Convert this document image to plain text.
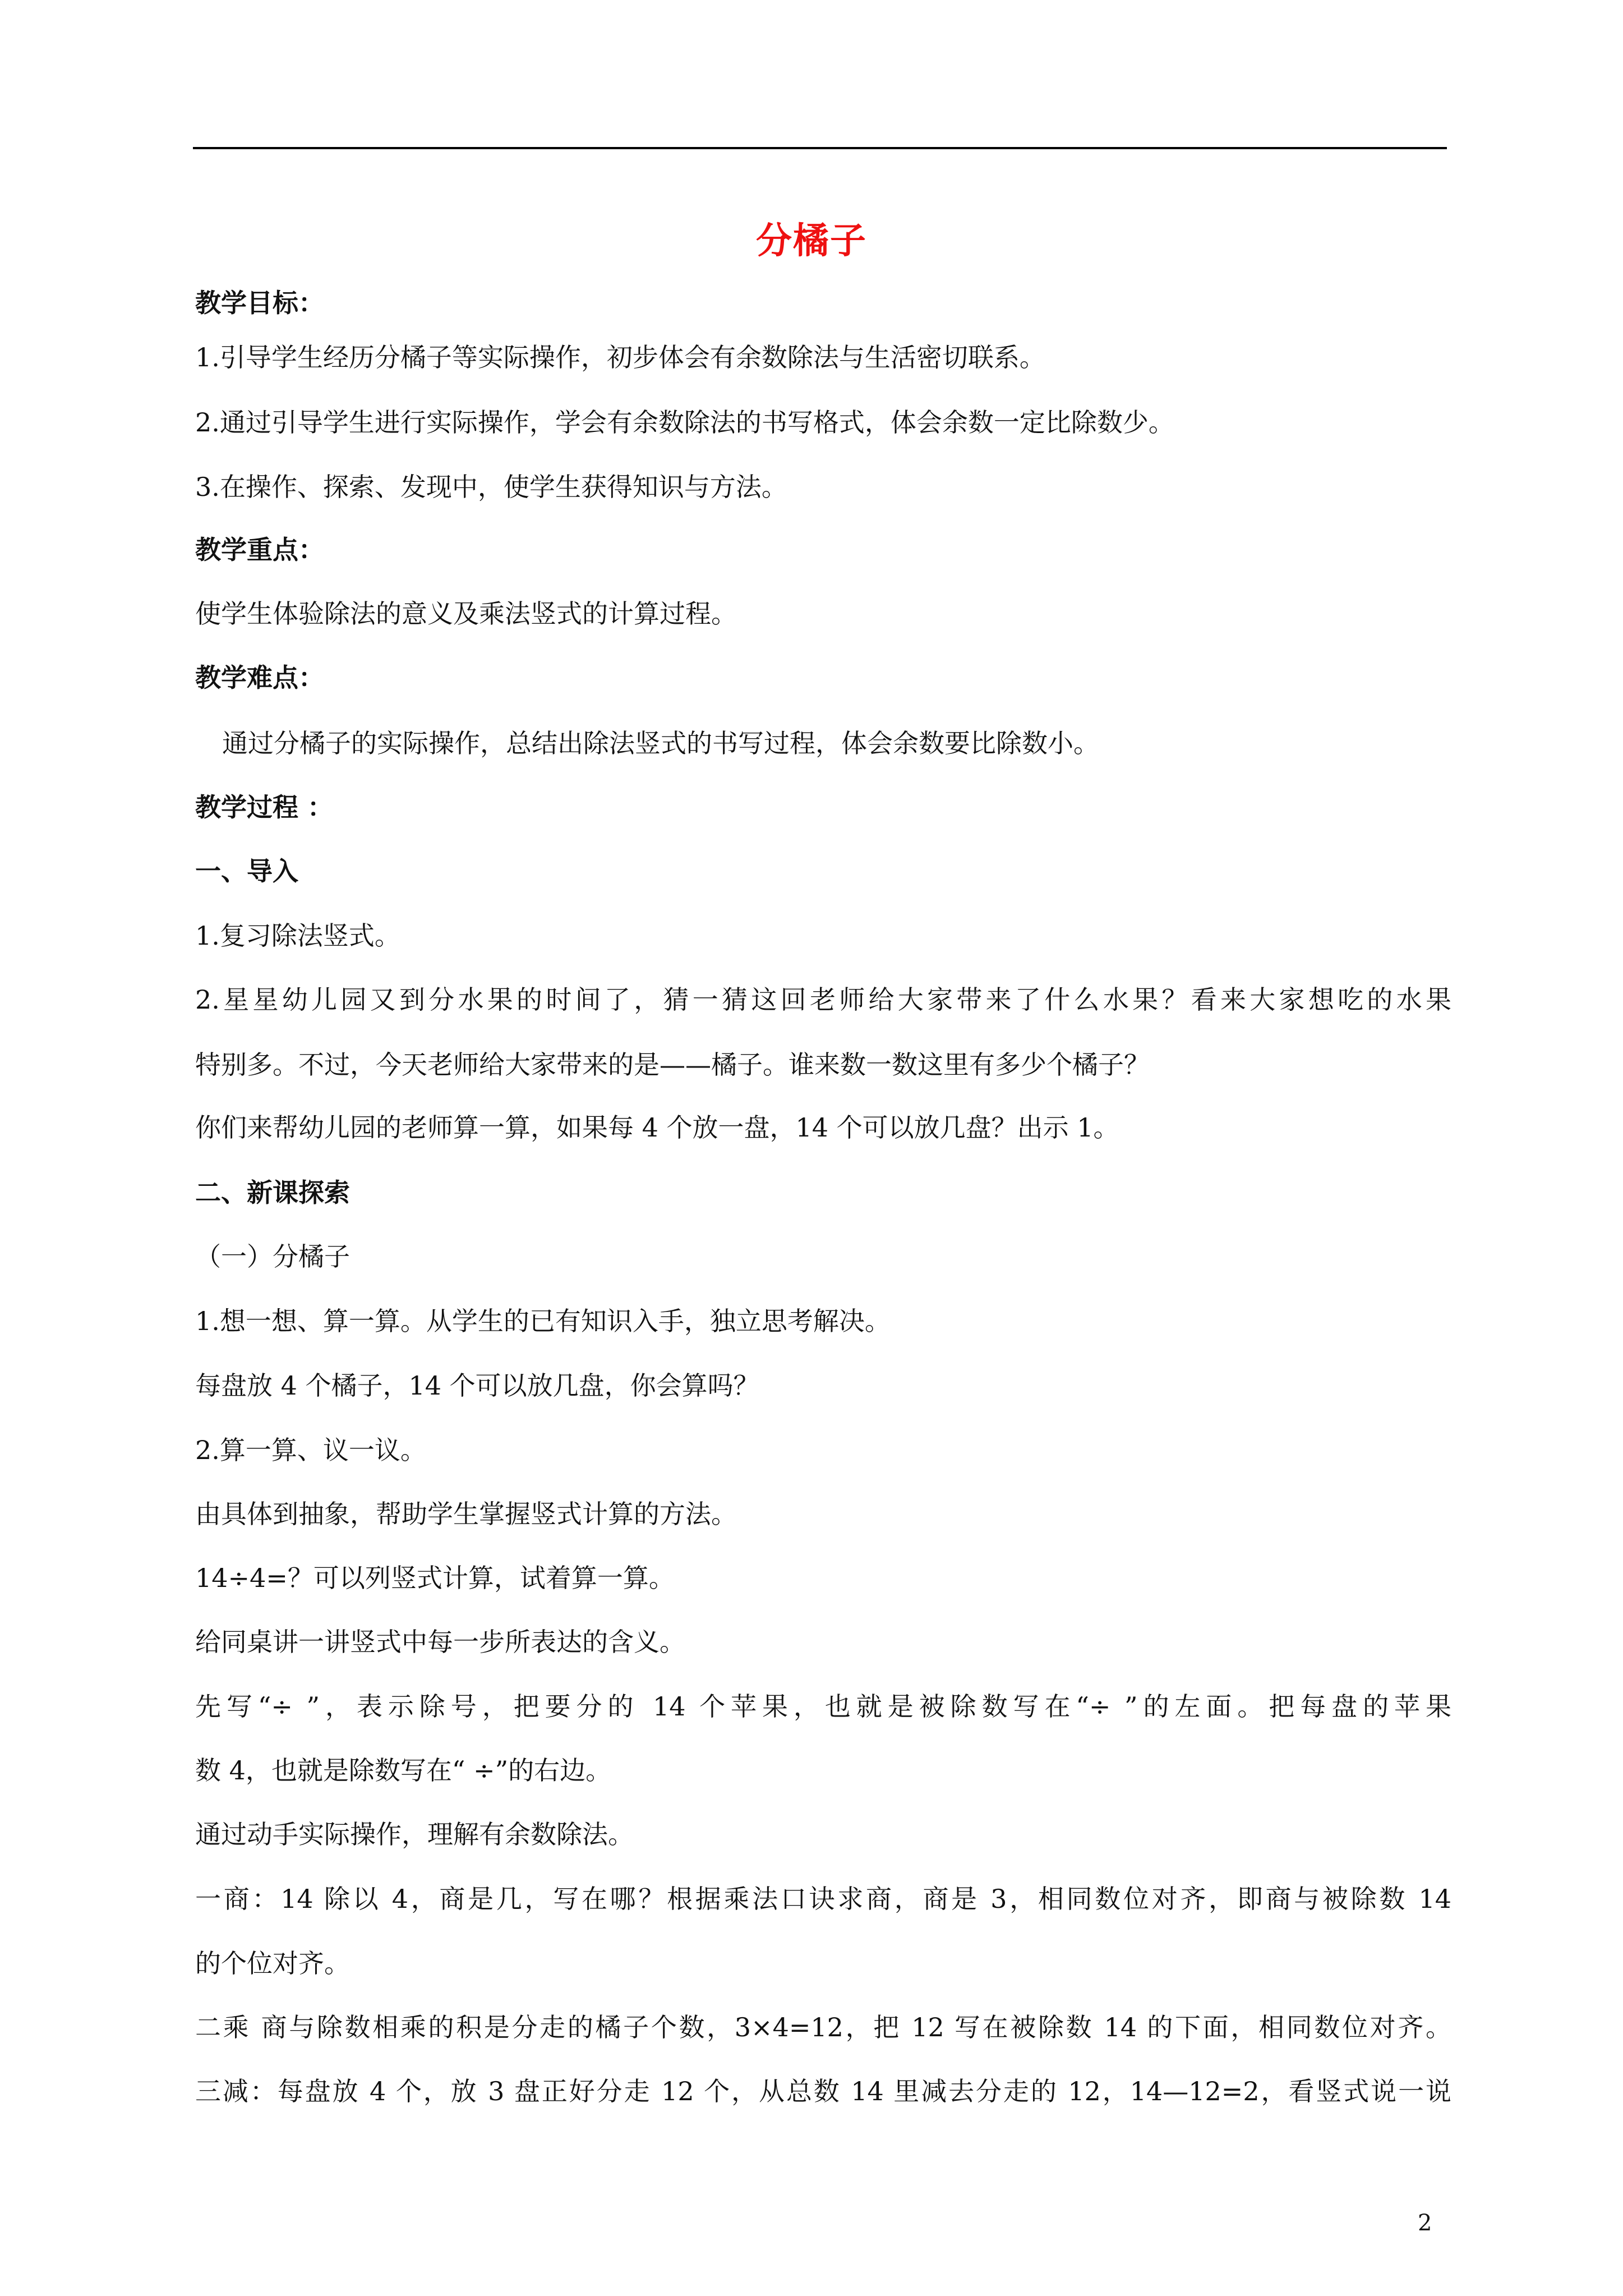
分橘子
教学目标：
1.引导学生经历分橘子等实际操作，初步体会有余数除法与生活密切联系。
2.通过引导学生进行实际操作，学会有余数除法的书写格式，体会余数一定比除数少。
3.在操作、探索、发现中，使学生获得知识与方法。
教学重点：
使学生体验除法的意义及乘法竖式的计算过程。
教学难点：
通过分橘子的实际操作，总结出除法竖式的书写过程，体会余数要比除数小。
教学过程 ：
一、导入
1.复习除法竖式。
2.星星幼儿园又到分水果的时间了，猜一猜这回老师给大家带来了什么水果？看来大家想吃的水果
特别多。不过，今天老师给大家带来的是——橘子。谁来数一数这里有多少个橘子？
你们来帮幼儿园的老师算一算，如果每 4 个放一盘，14 个可以放几盘？出示 1。
二、新课探索
（一）分橘子
1.想一想、算一算。从学生的已有知识入手，独立思考解决。
每盘放 4 个橘子，14 个可以放几盘，你会算吗？
2.算一算、议一议。
由具体到抽象，帮助学生掌握竖式计算的方法。
14÷4=？可以列竖式计算，试着算一算。
给同桌讲一讲竖式中每一步所表达的含义。
先写“÷ ”，表示除号，把要分的 14 个苹果，也就是被除数写在“÷ ”的左面。把每盘的苹果
数 4，也就是除数写在“ ÷”的右边。
通过动手实际操作，理解有余数除法。
一商：14 除以 4，商是几，写在哪？根据乘法口诀求商，商是 3，相同数位对齐，即商与被除数 14
的个位对齐。
二乘 商与除数相乘的积是分走的橘子个数，3×4=12，把 12 写在被除数 14 的下面，相同数位对齐。
三减：每盘放 4 个，放 3 盘正好分走 12 个，从总数 14 里减去分走的 12，14—12=2，看竖式说一说
2
